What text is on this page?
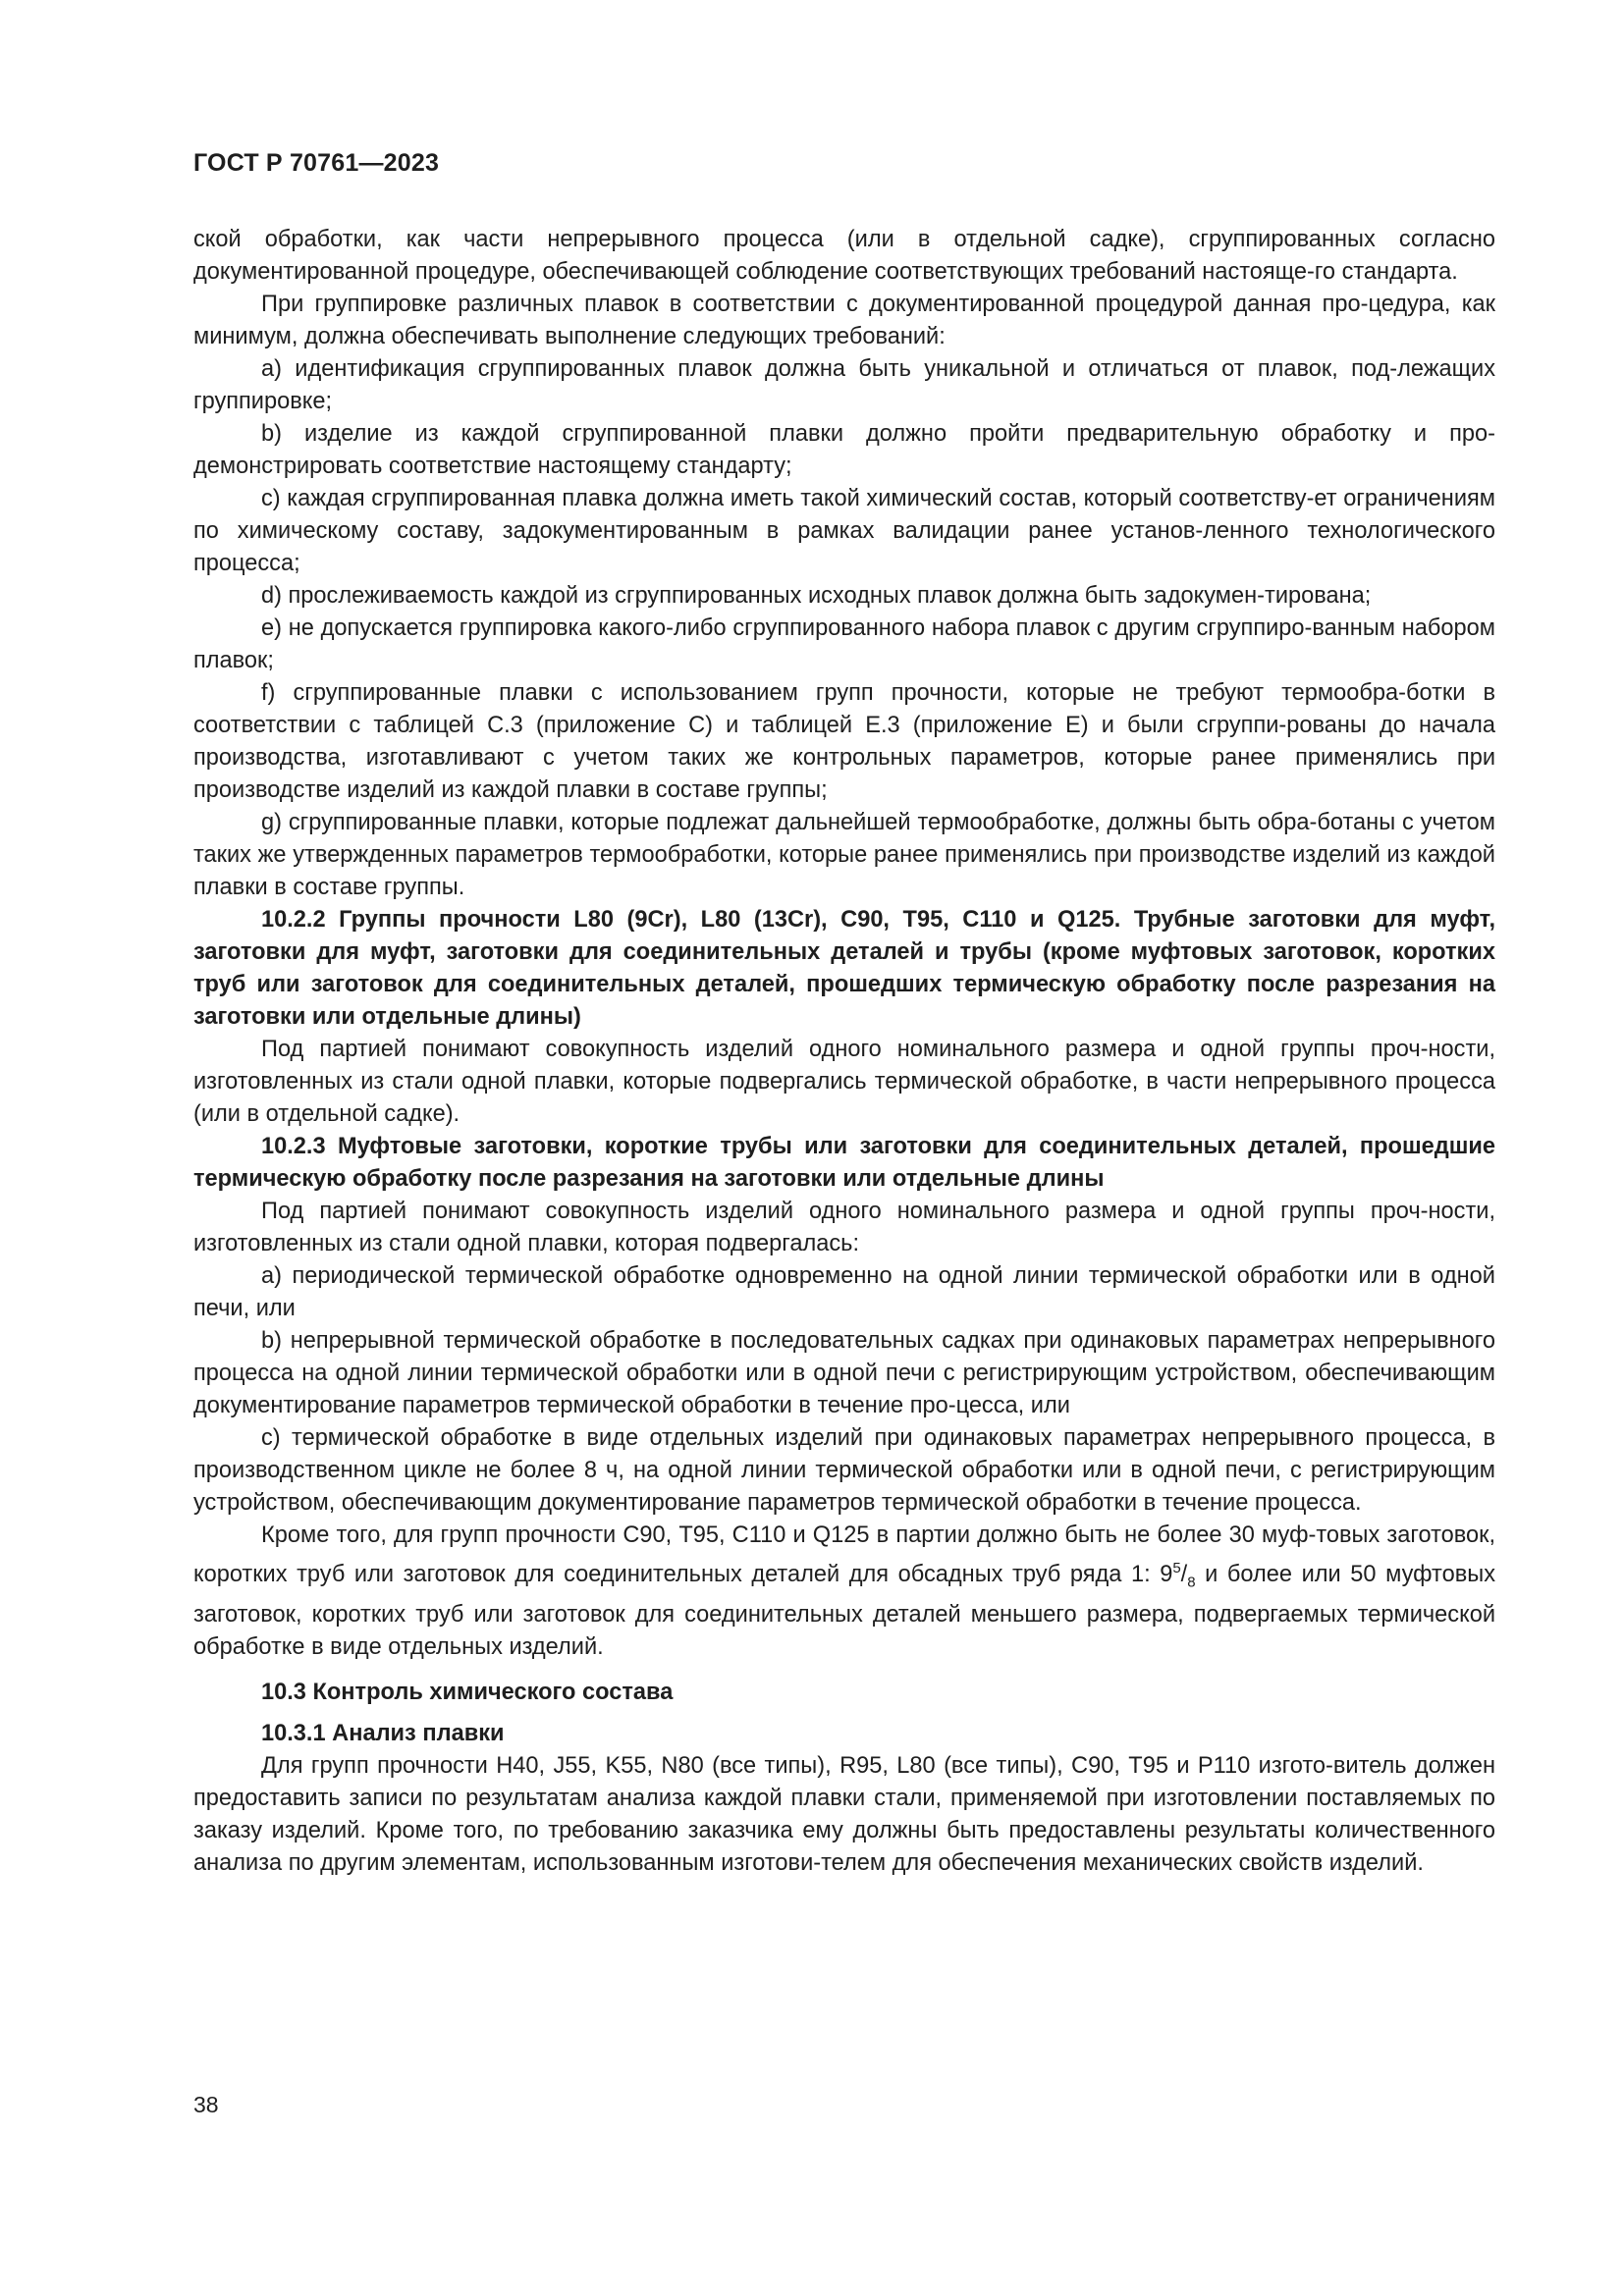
ГОСТ Р 70761—2023

ской обработки, как части непрерывного процесса (или в отдельной садке), сгруппированных согласно документированной процедуре, обеспечивающей соблюдение соответствующих требований настояще-го стандарта.

При группировке различных плавок в соответствии с документированной процедурой данная про-цедура, как минимум, должна обеспечивать выполнение следующих требований:

a) идентификация сгруппированных плавок должна быть уникальной и отличаться от плавок, под-лежащих группировке;

b) изделие из каждой сгруппированной плавки должно пройти предварительную обработку и про-демонстрировать соответствие настоящему стандарту;

c) каждая сгруппированная плавка должна иметь такой химический состав, который соответству-ет ограничениям по химическому составу, задокументированным в рамках валидации ранее установ-ленного технологического процесса;

d) прослеживаемость каждой из сгруппированных исходных плавок должна быть задокумен-тирована;

e) не допускается группировка какого-либо сгруппированного набора плавок с другим сгруппиро-ванным набором плавок;

f) сгруппированные плавки с использованием групп прочности, которые не требуют термообра-ботки в соответствии с таблицей С.3 (приложение С) и таблицей Е.3 (приложение Е) и были сгруппи-рованы до начала производства, изготавливают с учетом таких же контрольных параметров, которые ранее применялись при производстве изделий из каждой плавки в составе группы;

g) сгруппированные плавки, которые подлежат дальнейшей термообработке, должны быть обра-ботаны с учетом таких же утвержденных параметров термообработки, которые ранее применялись при производстве изделий из каждой плавки в составе группы.

10.2.2 Группы прочности L80 (9Cr), L80 (13Cr), C90, T95, C110 и Q125. Трубные заготовки для муфт, заготовки для муфт, заготовки для соединительных деталей и трубы (кроме муфтовых заготовок, коротких труб или заготовок для соединительных деталей, прошедших термическую обработку после разрезания на заготовки или отдельные длины)

Под партией понимают совокупность изделий одного номинального размера и одной группы проч-ности, изготовленных из стали одной плавки, которые подвергались термической обработке, в части непрерывного процесса (или в отдельной садке).

10.2.3 Муфтовые заготовки, короткие трубы или заготовки для соединительных деталей, прошедшие термическую обработку после разрезания на заготовки или отдельные длины

Под партией понимают совокупность изделий одного номинального размера и одной группы проч-ности, изготовленных из стали одной плавки, которая подвергалась:

a) периодической термической обработке одновременно на одной линии термической обработки или в одной печи, или

b) непрерывной термической обработке в последовательных садках при одинаковых параметрах непрерывного процесса на одной линии термической обработки или в одной печи с регистрирующим устройством, обеспечивающим документирование параметров термической обработки в течение про-цесса, или

c) термической обработке в виде отдельных изделий при одинаковых параметрах непрерывного процесса, в производственном цикле не более 8 ч, на одной линии термической обработки или в одной печи, с регистрирующим устройством, обеспечивающим документирование параметров термической обработки в течение процесса.

Кроме того, для групп прочности С90, Т95, С110 и Q125 в партии должно быть не более 30 муф-товых заготовок, коротких труб или заготовок для соединительных деталей для обсадных труб ряда 1: $9^5/_8$ и более или 50 муфтовых заготовок, коротких труб или заготовок для соединительных деталей меньшего размера, подвергаемых термической обработке в виде отдельных изделий.

10.3 Контроль химического состава

10.3.1 Анализ плавки

Для групп прочности Н40, J55, K55, N80 (все типы), R95, L80 (все типы), С90, Т95 и Р110 изгото-витель должен предоставить записи по результатам анализа каждой плавки стали, применяемой при изготовлении поставляемых по заказу изделий. Кроме того, по требованию заказчика ему должны быть предоставлены результаты количественного анализа по другим элементам, использованным изготови-телем для обеспечения механических свойств изделий.

38
